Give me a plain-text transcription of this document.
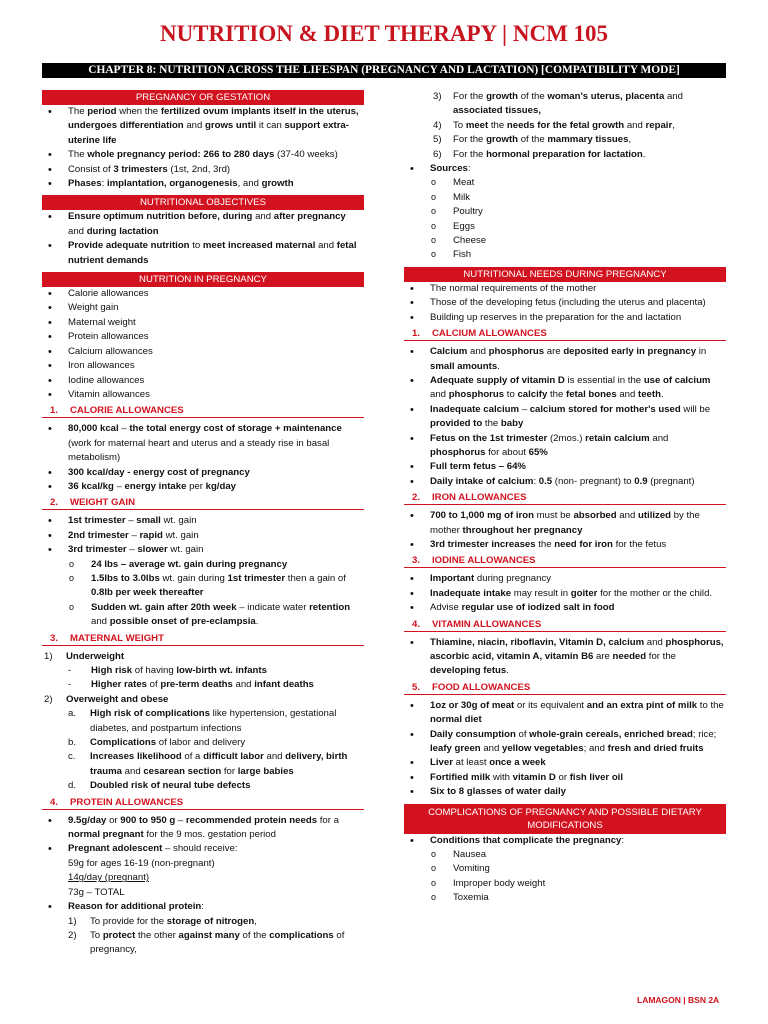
NUTRITION & DIET THERAPY | NCM 105
CHAPTER 8: NUTRITION ACROSS THE LIFESPAN (PREGNANCY AND LACTATION) [COMPATIBILITY MODE]
PREGNANCY OR GESTATION
• The period when the fertilized ovum implants itself in the uterus, undergoes differentiation and grows until it can support extra-uterine life
• The whole pregnancy period: 266 to 280 days (37-40 weeks)
• Consist of 3 trimesters (1st, 2nd, 3rd)
• Phases: implantation, organogenesis, and growth
NUTRITIONAL OBJECTIVES
• Ensure optimum nutrition before, during and after pregnancy and during lactation
• Provide adequate nutrition to meet increased maternal and fetal nutrient demands
NUTRITION IN PREGNANCY
• Calorie allowances
• Weight gain
• Maternal weight
• Protein allowances
• Calcium allowances
• Iron allowances
• Iodine allowances
• Vitamin allowances
1. CALORIE ALLOWANCES
• 80,000 kcal – the total energy cost of storage + maintenance (work for maternal heart and uterus and a steady rise in basal metabolism)
• 300 kcal/day - energy cost of pregnancy
• 36 kcal/kg – energy intake per kg/day
2. WEIGHT GAIN
• 1st trimester – small wt. gain
• 2nd trimester – rapid wt. gain
• 3rd trimester – slower wt. gain
o 24 lbs – average wt. gain during pregnancy
o 1.5lbs to 3.0lbs wt. gain during 1st trimester then a gain of 0.8lb per week thereafter
o Sudden wt. gain after 20th week – indicate water retention and possible onset of pre-eclampsia.
3. MATERNAL WEIGHT
1) Underweight
- High risk of having low-birth wt. infants
- Higher rates of pre-term deaths and infant deaths
2) Overweight and obese
a. High risk of complications like hypertension, gestational diabetes, and postpartum infections
b. Complications of labor and delivery
c. Increases likelihood of a difficult labor and delivery, birth trauma and cesarean section for large babies
d. Doubled risk of neural tube defects
4. PROTEIN ALLOWANCES
• 9.5g/day or 900 to 950 g – recommended protein needs for a normal pregnant for the 9 mos. gestation period
• Pregnant adolescent – should receive:
59g for ages 16-19 (non-pregnant)
14g/day (pregnant)
73g – TOTAL
• Reason for additional protein:
1) To provide for the storage of nitrogen,
2) To protect the other against many of the complications of pregnancy,
3) For the growth of the woman's uterus, placenta and associated tissues,
4) To meet the needs for the fetal growth and repair,
5) For the growth of the mammary tissues,
6) For the hormonal preparation for lactation.
• Sources:
o Meat
o Milk
o Poultry
o Eggs
o Cheese
o Fish
NUTRITIONAL NEEDS DURING PREGNANCY
• The normal requirements of the mother
• Those of the developing fetus (including the uterus and placenta)
• Building up reserves in the preparation for the and lactation
1. CALCIUM ALLOWANCES
• Calcium and phosphorus are deposited early in pregnancy in small amounts.
• Adequate supply of vitamin D is essential in the use of calcium and phosphorus to calcify the fetal bones and teeth.
• Inadequate calcium – calcium stored for mother's used will be provided to the baby
• Fetus on the 1st trimester (2mos.) retain calcium and phosphorus for about 65%
• Full term fetus – 64%
• Daily intake of calcium: 0.5 (non- pregnant) to 0.9 (pregnant)
2. IRON ALLOWANCES
• 700 to 1,000 mg of iron must be absorbed and utilized by the mother throughout her pregnancy
• 3rd trimester increases the need for iron for the fetus
3. IODINE ALLOWANCES
• Important during pregnancy
• Inadequate intake may result in goiter for the mother or the child.
• Advise regular use of iodized salt in food
4. VITAMIN ALLOWANCES
• Thiamine, niacin, riboflavin, Vitamin D, calcium and phosphorus, ascorbic acid, vitamin A, vitamin B6 are needed for the developing fetus.
5. FOOD ALLOWANCES
• 1oz or 30g of meat or its equivalent and an extra pint of milk to the normal diet
• Daily consumption of whole-grain cereals, enriched bread; rice; leafy green and yellow vegetables; and fresh and dried fruits
• Liver at least once a week
• Fortified milk with vitamin D or fish liver oil
• Six to 8 glasses of water daily
COMPLICATIONS OF PREGNANCY AND POSSIBLE DIETARY MODIFICATIONS
• Conditions that complicate the pregnancy:
o Nausea
o Vomiting
o Improper body weight
o Toxemia
LAMAGON | BSN 2A
